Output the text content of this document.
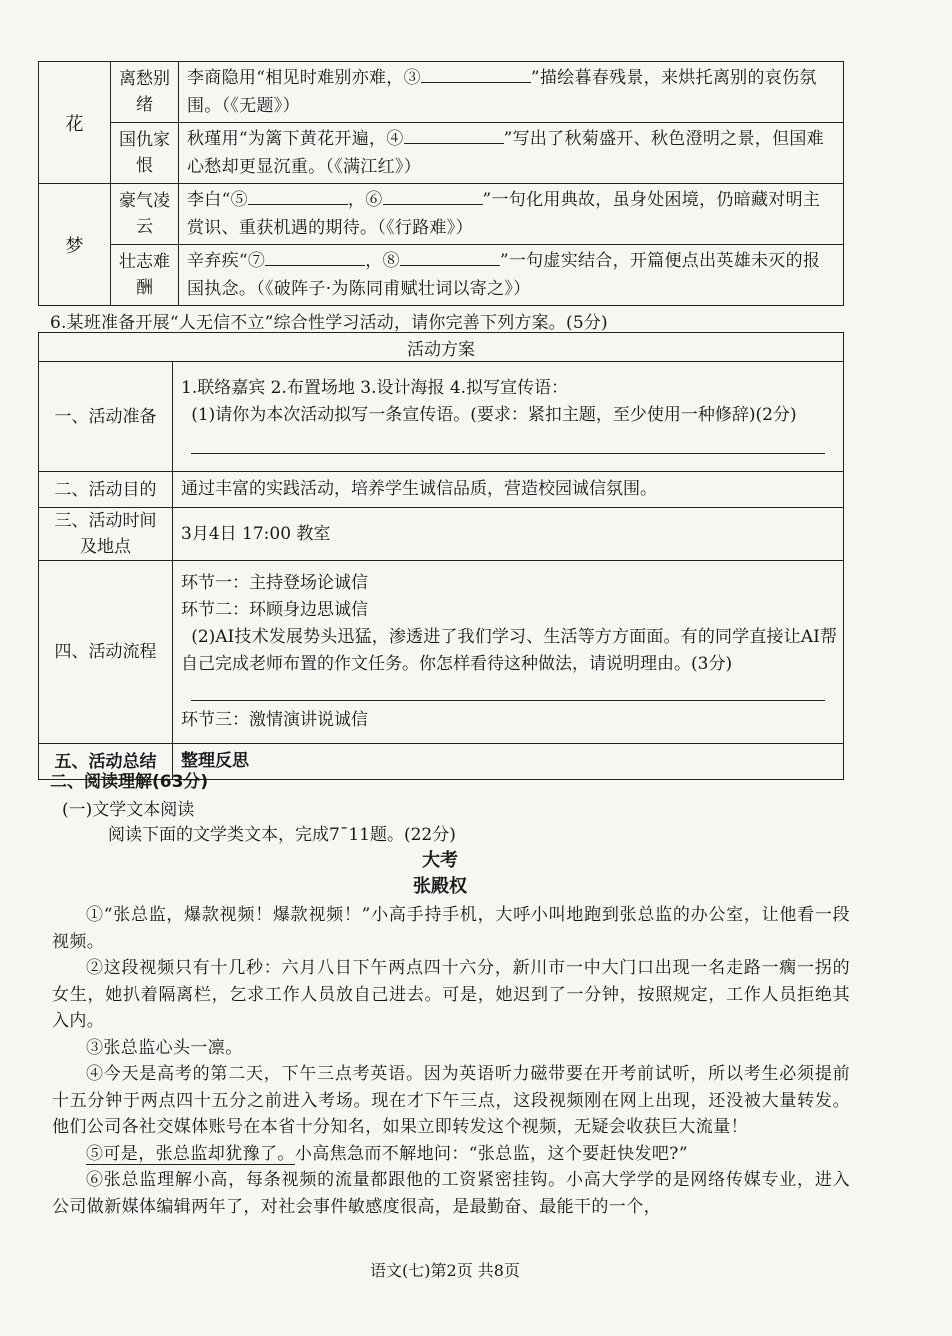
花	离愁别绪	李商隐用“相见时难别亦难，③ ”描绘暮春残景，来烘托离别的哀伤氛围。（《无题》）
	国仇家恨	秋瑾用“为篱下黄花开遍，④ ”写出了秋菊盛开、秋色澄明之景，但国难心愁却更显沉重。（《满江红》）
梦	豪气凌云	李白“⑤ ，⑥ ”一句化用典故，虽身处困境，仍暗藏对明主赏识、重获机遇的期待。（《行路难》）
	壮志难酬	辛弃疾“⑦ ，⑧ ”一句虚实结合，开篇便点出英雄未灭的报国执念。（《破阵子·为陈同甫赋壮词以寄之》）
6.某班准备开展“人无信不立”综合性学习活动，请你完善下列方案。(5分)
活动方案	
一、活动准备	1.联络嘉宾 2.布置场地 3.设计海报 4.拟写宣传语：
(1)请你为本次活动拟写一条宣传语。(要求：紧扣主题，至少使用一种修辞)(2分)

二、活动目的	通过丰富的实践活动，培养学生诚信品质，营造校园诚信氛围。
三、活动时间及地点	3月4日 17:00 教室
四、活动流程	环节一：主持登场论诚信
环节二：环顾身边思诚信
(2)AI技术发展势头迅猛，渗透进了我们学习、生活等方方面面。有的同学直接让AI帮自己完成老师布置的作文任务。你怎样看待这种做法，请说明理由。(3分)
环节三：激情演讲说诚信

五、活动总结	整理反思
二、阅读理解(63分)
(一)文学文本阅读
阅读下面的文学类文本，完成7¯11题。(22分)
大考
张殿权

①“张总监，爆款视频！爆款视频！”小高手持手机，大呼小叫地跑到张总监的办公室，让他看一段视频。

②这段视频只有十几秒：六月八日下午两点四十六分，新川市一中大门口出现一名走路一瘸一拐的女生，她扒着隔离栏，乞求工作人员放自己进去。可是，她迟到了一分钟，按照规定，工作人员拒绝其入内。

③张总监心头一凛。

④今天是高考的第二天，下午三点考英语。因为英语听力磁带要在开考前试听，所以考生必须提前十五分钟于两点四十五分之前进入考场。现在才下午三点，这段视频刚在网上出现，还没被大量转发。他们公司各社交媒体账号在本省十分知名，如果立即转发这个视频，无疑会收获巨大流量！

⑤可是，张总监却犹豫了。小高焦急而不解地问：“张总监，这个要赶快发吧?”

⑥张总监理解小高，每条视频的流量都跟他的工资紧密挂钩。小高大学学的是网络传媒专业，进入公司做新媒体编辑两年了，对社会事件敏感度很高，是最勤奋、最能干的一个，

语文(七)第2页 共8页
